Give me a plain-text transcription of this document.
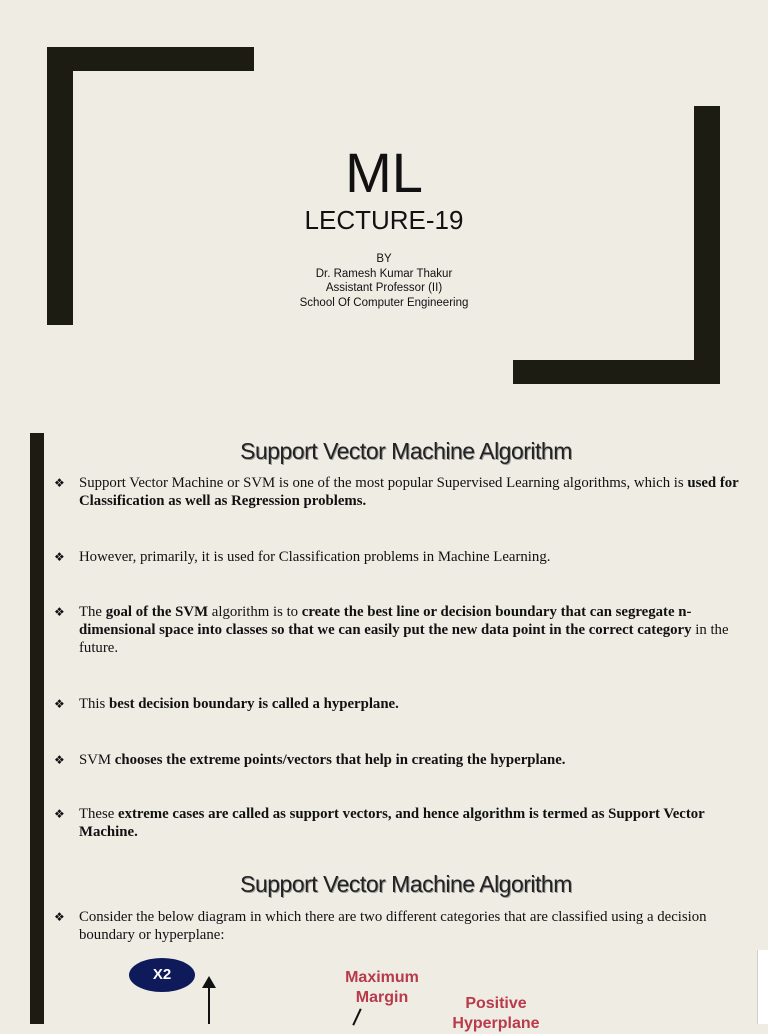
ML
LECTURE-19
BY
Dr. Ramesh Kumar Thakur
Assistant Professor (II)
School Of Computer Engineering
Support Vector Machine Algorithm
❖ Support Vector Machine or SVM is one of the most popular Supervised Learning algorithms, which is used for Classification as well as Regression problems.
❖ However, primarily, it is used for Classification problems in Machine Learning.
❖ The goal of the SVM algorithm is to create the best line or decision boundary that can segregate n-dimensional space into classes so that we can easily put the new data point in the correct category in the future.
❖ This best decision boundary is called a hyperplane.
❖ SVM chooses the extreme points/vectors that help in creating the hyperplane.
❖ These extreme cases are called as support vectors, and hence algorithm is termed as Support Vector Machine.
Support Vector Machine Algorithm
❖ Consider the below diagram in which there are two different categories that are classified using a decision boundary or hyperplane:
X2	Maximum
Margin	Positive
Hyperplane
